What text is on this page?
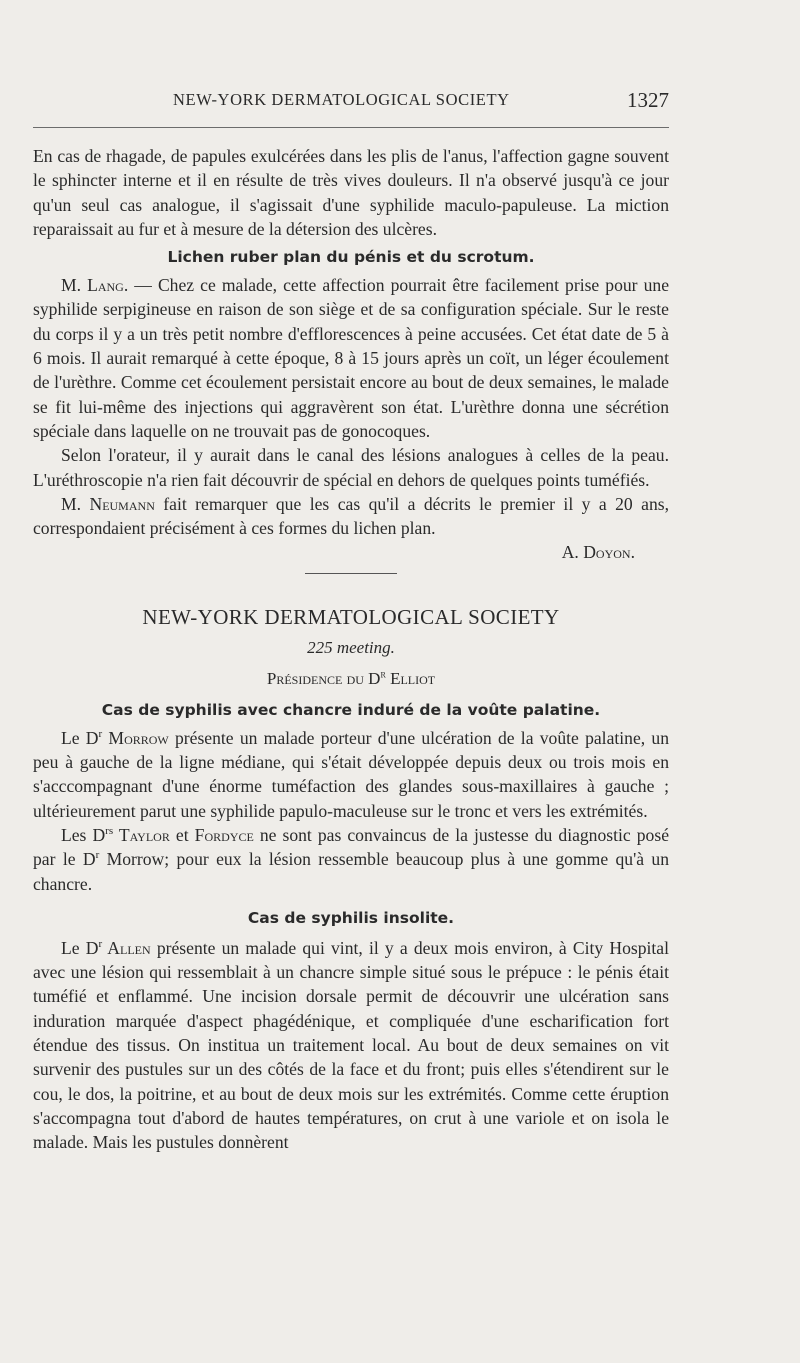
NEW-YORK DERMATOLOGICAL SOCIETY	1327

En cas de rhagade, de papules exulcérées dans les plis de l'anus, l'affection gagne souvent le sphincter interne et il en résulte de très vives douleurs. Il n'a observé jusqu'à ce jour qu'un seul cas analogue, il s'agissait d'une syphilide maculo-papuleuse. La miction reparaissait au fur et à mesure de la détersion des ulcères.

Lichen ruber plan du pénis et du scrotum.

M. Lang. — Chez ce malade, cette affection pourrait être facilement prise pour une syphilide serpigineuse en raison de son siège et de sa configuration spéciale. Sur le reste du corps il y a un très petit nombre d'efflorescences à peine accusées. Cet état date de 5 à 6 mois. Il aurait remarqué à cette époque, 8 à 15 jours après un coït, un léger écoulement de l'urèthre. Comme cet écoulement persistait encore au bout de deux semaines, le malade se fit lui-même des injections qui aggravèrent son état. L'urèthre donna une sécrétion spéciale dans laquelle on ne trouvait pas de gonocoques.

Selon l'orateur, il y aurait dans le canal des lésions analogues à celles de la peau. L'uréthroscopie n'a rien fait découvrir de spécial en dehors de quelques points tuméfiés.

M. Neumann fait remarquer que les cas qu'il a décrits le premier il y a 20 ans, correspondaient précisément à ces formes du lichen plan.

A. Doyon.

NEW-YORK DERMATOLOGICAL SOCIETY
225 meeting.
Présidence du $D^r$ Elliot
Cas de syphilis avec chancre induré de la voûte palatine.

Le $D^r$ Morrow présente un malade porteur d'une ulcération de la voûte palatine, un peu à gauche de la ligne médiane, qui s'était développée depuis deux ou trois mois en s'acccompagnant d'une énorme tuméfaction des glandes sous-maxillaires à gauche ; ultérieurement parut une syphilide papulo-maculeuse sur le tronc et vers les extrémités.

Les $D^{rs}$ Taylor et Fordyce ne sont pas convaincus de la justesse du diagnostic posé par le $D^r$ Morrow; pour eux la lésion ressemble beaucoup plus à une gomme qu'à un chancre.

Cas de syphilis insolite.

Le $D^r$ Allen présente un malade qui vint, il y a deux mois environ, à City Hospital avec une lésion qui ressemblait à un chancre simple situé sous le prépuce : le pénis était tuméfié et enflammé. Une incision dorsale permit de découvrir une ulcération sans induration marquée d'aspect phagédénique, et compliquée d'une escharification fort étendue des tissus. On institua un traitement local. Au bout de deux semaines on vit survenir des pustules sur un des côtés de la face et du front; puis elles s'étendirent sur le cou, le dos, la poitrine, et au bout de deux mois sur les extrémités. Comme cette éruption s'accompagna tout d'abord de hautes températures, on crut à une variole et on isola le malade. Mais les pustules donnèrent
